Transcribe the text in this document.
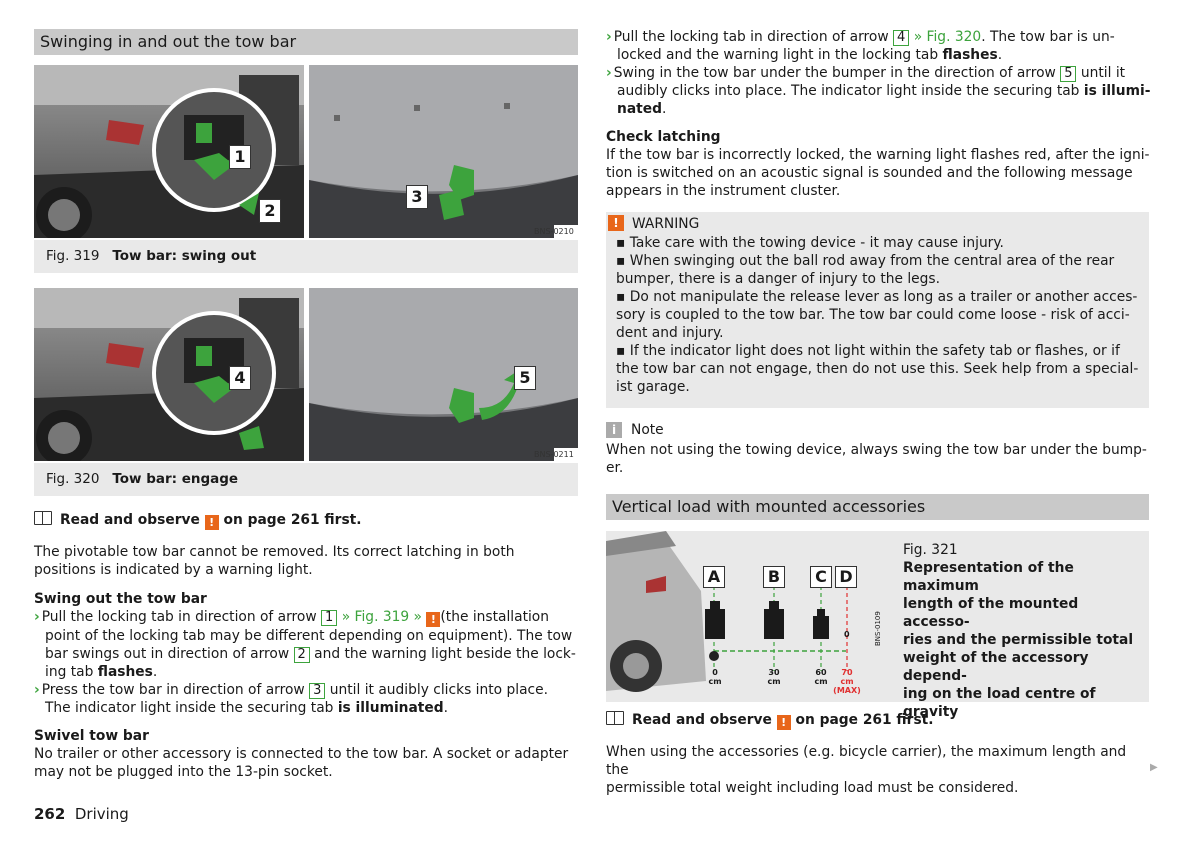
Swinging in and out the tow bar
1
2
3
BNS-0210
Fig. 319 Tow bar: swing out
4	5
BNS-0211
Fig. 320 Tow bar: engage
Read and observe ! on page 261 first.
The pivotable tow bar cannot be removed. Its correct latching in both positions is indicated by a warning light.
Swing out the tow bar

› Pull the locking tab in direction of arrow 1 » Fig. 319 » ! (the installation

point of the locking tab may be different depending on equipment). The tow

bar swings out in direction of arrow 2 and the warning light beside the lock-

ing tab flashes.

› Press the tow bar in direction of arrow 3 until it audibly clicks into place.

The indicator light inside the securing tab is illuminated.

Swivel tow bar

No trailer or other accessory is connected to the tow bar. A socket or adapter

may not be plugged into the 13-pin socket.

262 Driving

› Pull the locking tab in direction of arrow 4 » Fig. 320. The tow bar is un-

locked and the warning light in the locking tab flashes.

› Swing in the tow bar under the bumper in the direction of arrow 5 until it

audibly clicks into place. The indicator light inside the securing tab is illumi-

nated.

Check latching

If the tow bar is incorrectly locked, the warning light flashes red, after the igni-

tion is switched on an acoustic signal is sounded and the following message

appears in the instrument cluster.

! WARNING

▪ Take care with the towing device - it may cause injury.

▪ When swinging out the ball rod away from the central area of the rear

bumper, there is a danger of injury to the legs.

▪ Do not manipulate the release lever as long as a trailer or another acces-

sory is coupled to the tow bar. The tow bar could come loose - risk of acci-

dent and injury.

▪ If the indicator light does not light within the safety tab or flashes, or if

the tow bar can not engage, then do not use this. Seek help from a special-

ist garage.

i	Note

When not using the towing device, always swing the tow bar under the bump-

er.

Vertical load with mounted accessories
A	B	C D
0
0
cm
30
cm
60
cm
70
cm
(MAX)
BNS-0109

Fig. 321

Representation of the maximum

length of the mounted accesso-

ries and the permissible total

weight of the accessory depend-

ing on the load centre of gravity

Read and observe ! on page 261 first.

When using the accessories (e.g. bicycle carrier), the maximum length and the

permissible total weight including load must be considered.

▶
